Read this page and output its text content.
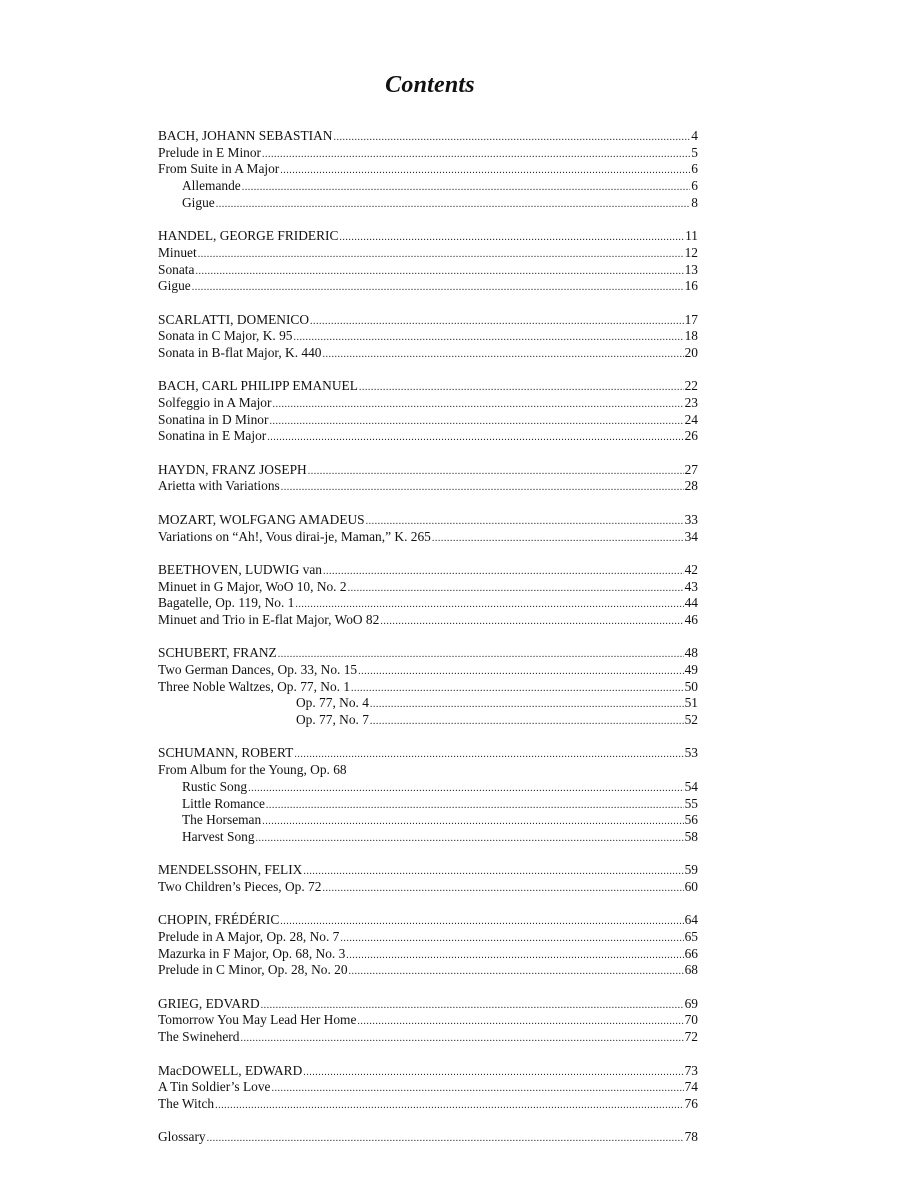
Contents
BACH, JOHANN SEBASTIAN .....	4
Prelude in E Minor .....	5
From Suite in A Major .....	6
Allemande .....	6
Gigue .....	8
HANDEL, GEORGE FRIDERIC .....	11
Minuet .....	12
Sonata .....	13
Gigue .....	16
SCARLATTI, DOMENICO .....	17
Sonata in C Major, K. 95 .....	18
Sonata in B-flat Major, K. 440 .....	20
BACH, CARL PHILIPP EMANUEL .....	22
Solfeggio in A Major .....	23
Sonatina in D Minor .....	24
Sonatina in E Major .....	26
HAYDN, FRANZ JOSEPH .....	27
Arietta with Variations .....	28
MOZART, WOLFGANG AMADEUS .....	33
Variations on “Ah!, Vous dirai-je, Maman,” K. 265 .....	34
BEETHOVEN, LUDWIG van .....	42
Minuet in G Major, WoO 10, No. 2 .....	43
Bagatelle, Op. 119, No. 1 .....	44
Minuet and Trio in E-flat Major, WoO 82 .....	46
SCHUBERT, FRANZ .....	48
Two German Dances, Op. 33, No. 15 .....	49
Three Noble Waltzes, Op. 77, No. 1 .....	50
Op. 77, No. 4 .....	51
Op. 77, No. 7 .....	52
SCHUMANN, ROBERT .....	53
From Album for the Young, Op. 68
Rustic Song .....	54
Little Romance .....	55
The Horseman .....	56
Harvest Song .....	58
MENDELSSOHN, FELIX .....	59
Two Children’s Pieces, Op. 72 .....	60
CHOPIN, FRÉDÉRIC .....	64
Prelude in A Major, Op. 28, No. 7 .....	65
Mazurka in F Major, Op. 68, No. 3 .....	66
Prelude in C Minor, Op. 28, No. 20 .....	68
GRIEG, EDVARD .....	69
Tomorrow You May Lead Her Home .....	70
The Swineherd .....	72
MacDOWELL, EDWARD .....	73
A Tin Soldier’s Love .....	74
The Witch .....	76
Glossary .....	78
